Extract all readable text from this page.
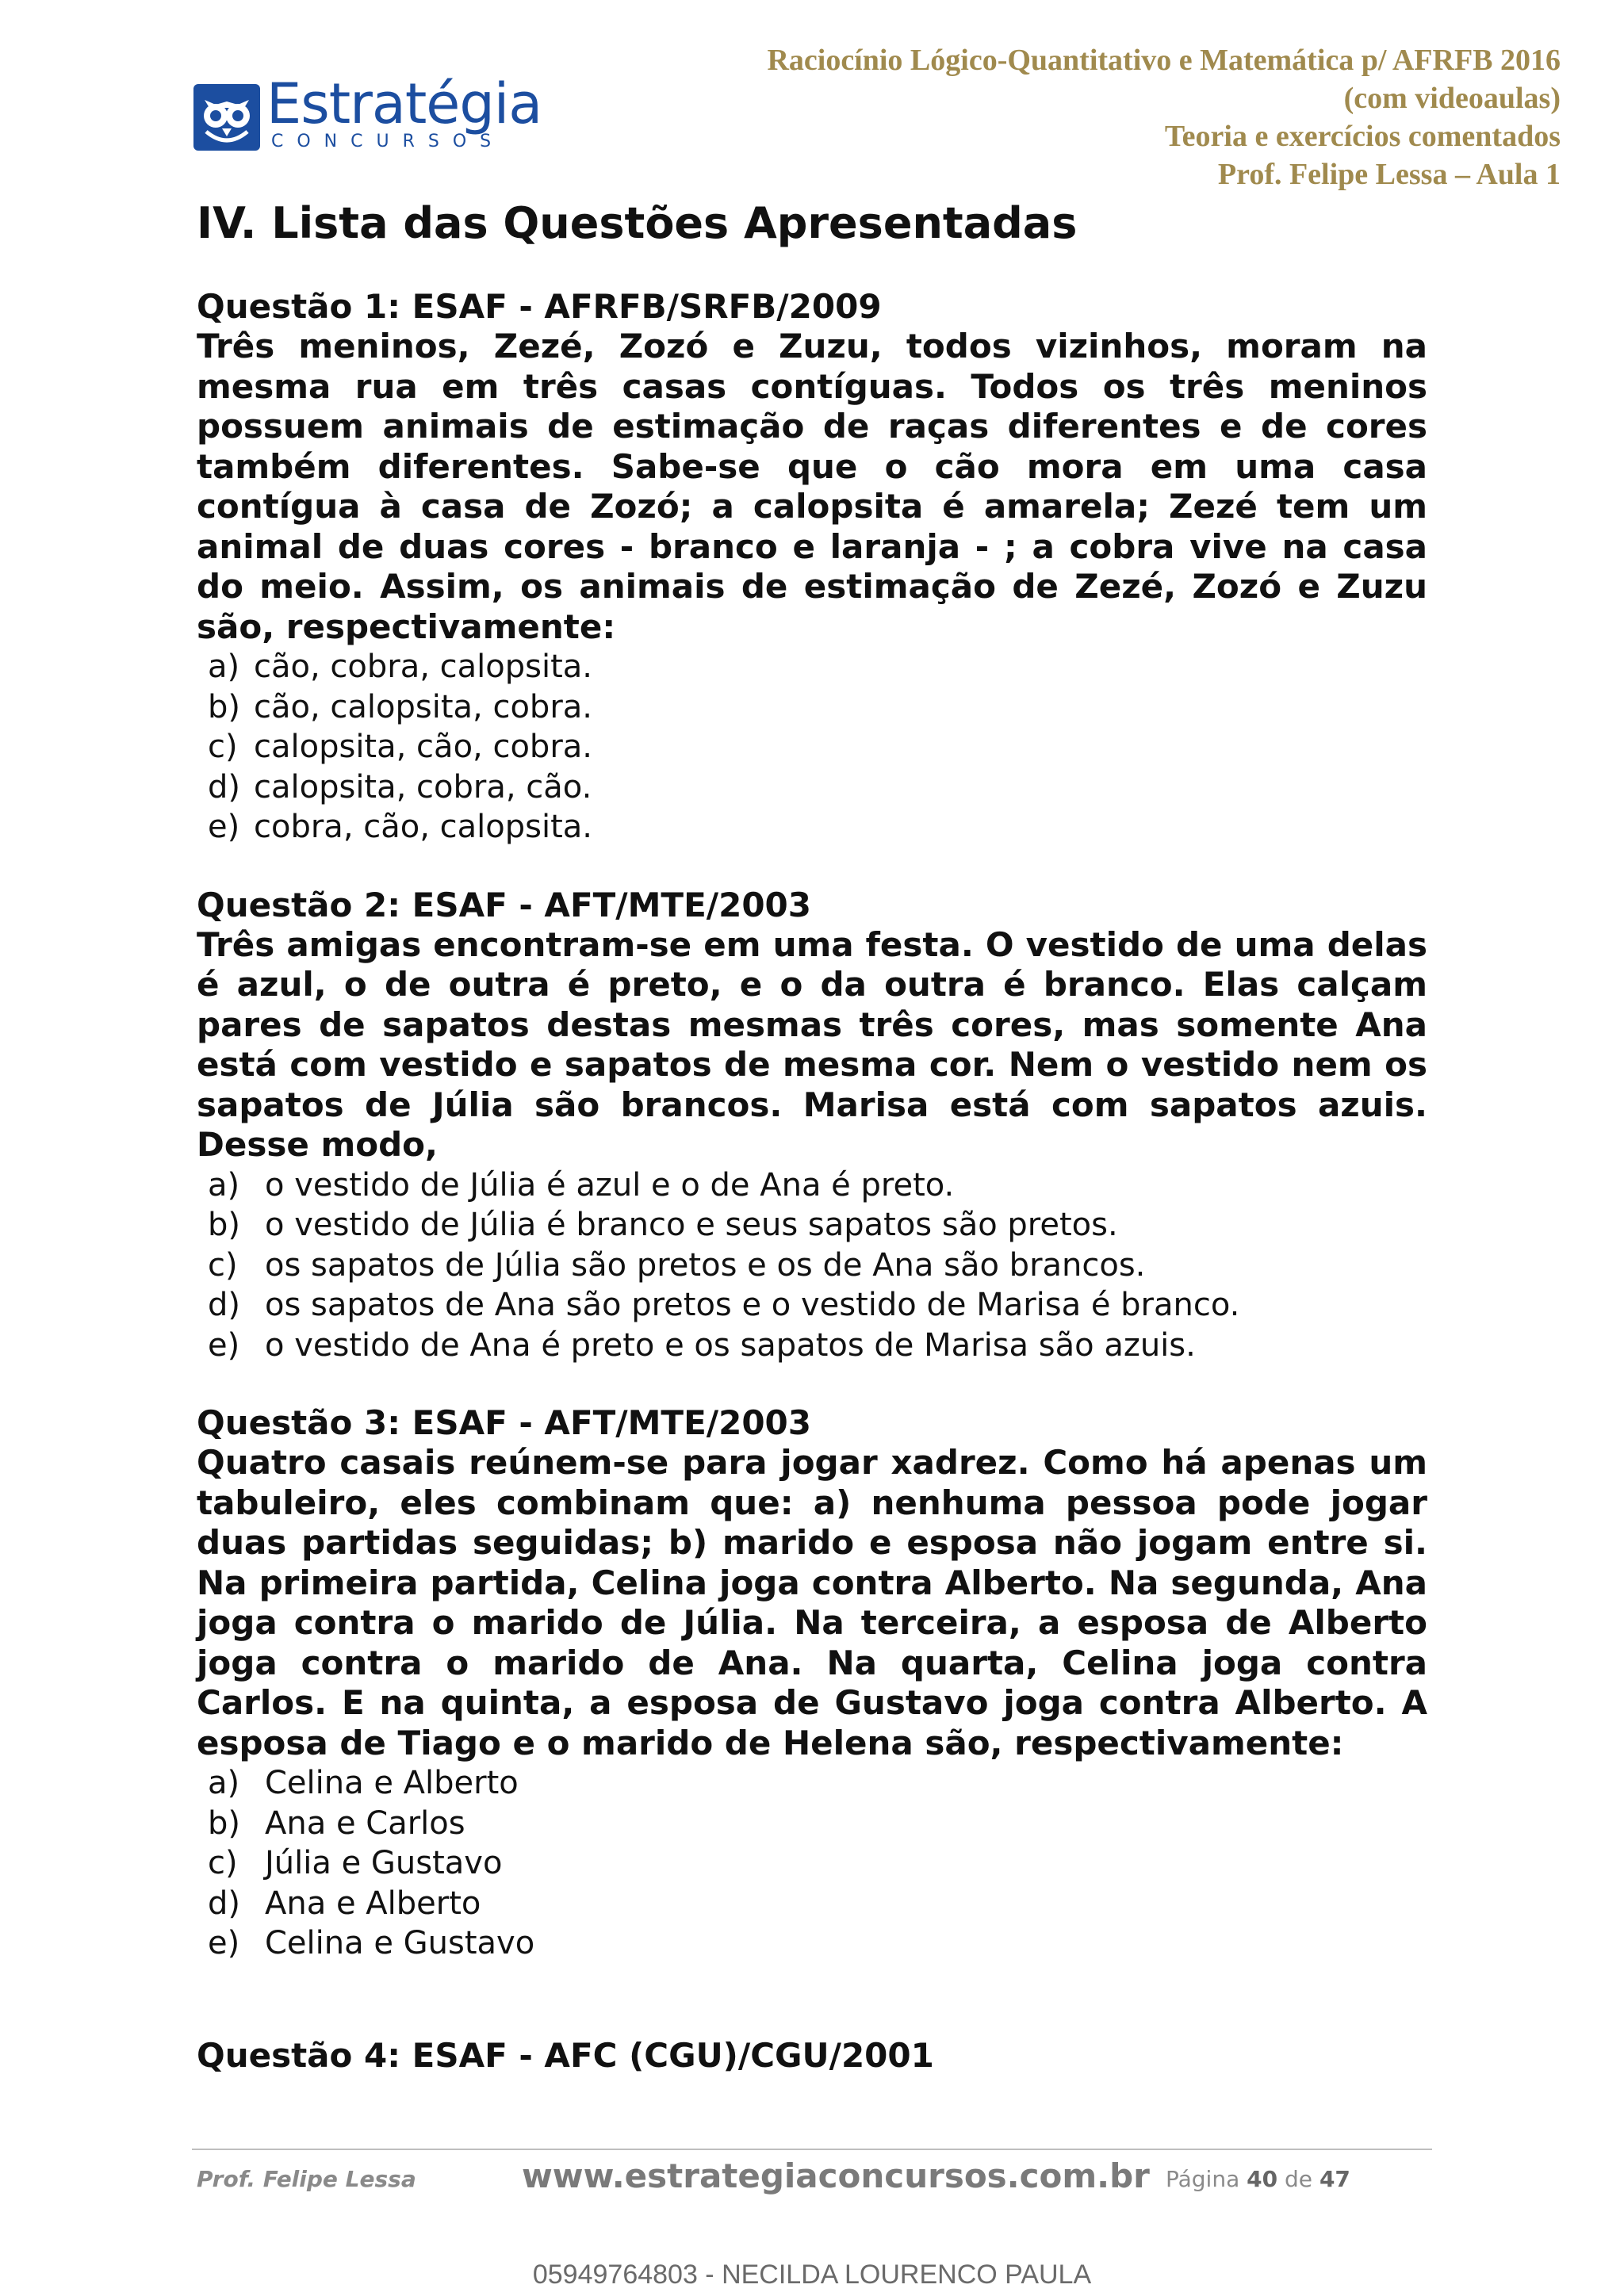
Estratégia
CONCURSOS
Raciocínio Lógico-Quantitativo e Matemática p/ AFRFB 2016
(com videoaulas)
Teoria e exercícios comentados
Prof. Felipe Lessa – Aula 1
IV. Lista das Questões Apresentadas

Questão 1: ESAF - AFRFB/SRFB/2009

Três meninos, Zezé, Zozó e Zuzu, todos vizinhos, moram na mesma rua em três casas contíguas. Todos os três meninos possuem animais de estimação de raças diferentes e de cores também diferentes. Sabe-se que o cão mora em uma casa contígua à casa de Zozó; a calopsita é amarela; Zezé tem um animal de duas cores - branco e laranja - ; a cobra vive na casa do meio. Assim, os animais de estimação de Zezé, Zozó e Zuzu são, respectivamente:

a) cão, cobra, calopsita.
b) cão, calopsita, cobra.
c) calopsita, cão, cobra.
d) calopsita, cobra, cão.
e) cobra, cão, calopsita.

Questão 2: ESAF - AFT/MTE/2003

Três amigas encontram-se em uma festa. O vestido de uma delas é azul, o de outra é preto, e o da outra é branco. Elas calçam pares de sapatos destas mesmas três cores, mas somente Ana está com vestido e sapatos de mesma cor. Nem o vestido nem os sapatos de Júlia são brancos. Marisa está com sapatos azuis. Desse modo,

a) o vestido de Júlia é azul e o de Ana é preto.
b) o vestido de Júlia é branco e seus sapatos são pretos.
c) os sapatos de Júlia são pretos e os de Ana são brancos.
d) os sapatos de Ana são pretos e o vestido de Marisa é branco.
e) o vestido de Ana é preto e os sapatos de Marisa são azuis.

Questão 3: ESAF - AFT/MTE/2003

Quatro casais reúnem-se para jogar xadrez. Como há apenas um tabuleiro, eles combinam que: a) nenhuma pessoa pode jogar duas partidas seguidas; b) marido e esposa não jogam entre si. Na primeira partida, Celina joga contra Alberto. Na segunda, Ana joga contra o marido de Júlia. Na terceira, a esposa de Alberto joga contra o marido de Ana. Na quarta, Celina joga contra Carlos. E na quinta, a esposa de Gustavo joga contra Alberto. A esposa de Tiago e o marido de Helena são, respectivamente:

a) Celina e Alberto
b) Ana e Carlos
c) Júlia e Gustavo
d) Ana e Alberto
e) Celina e Gustavo

Questão 4: ESAF - AFC (CGU)/CGU/2001

Prof. Felipe Lessa	www.estrategiaconcursos.com.br Página 40 de 47
05949764803 - NECILDA LOURENCO PAULA
